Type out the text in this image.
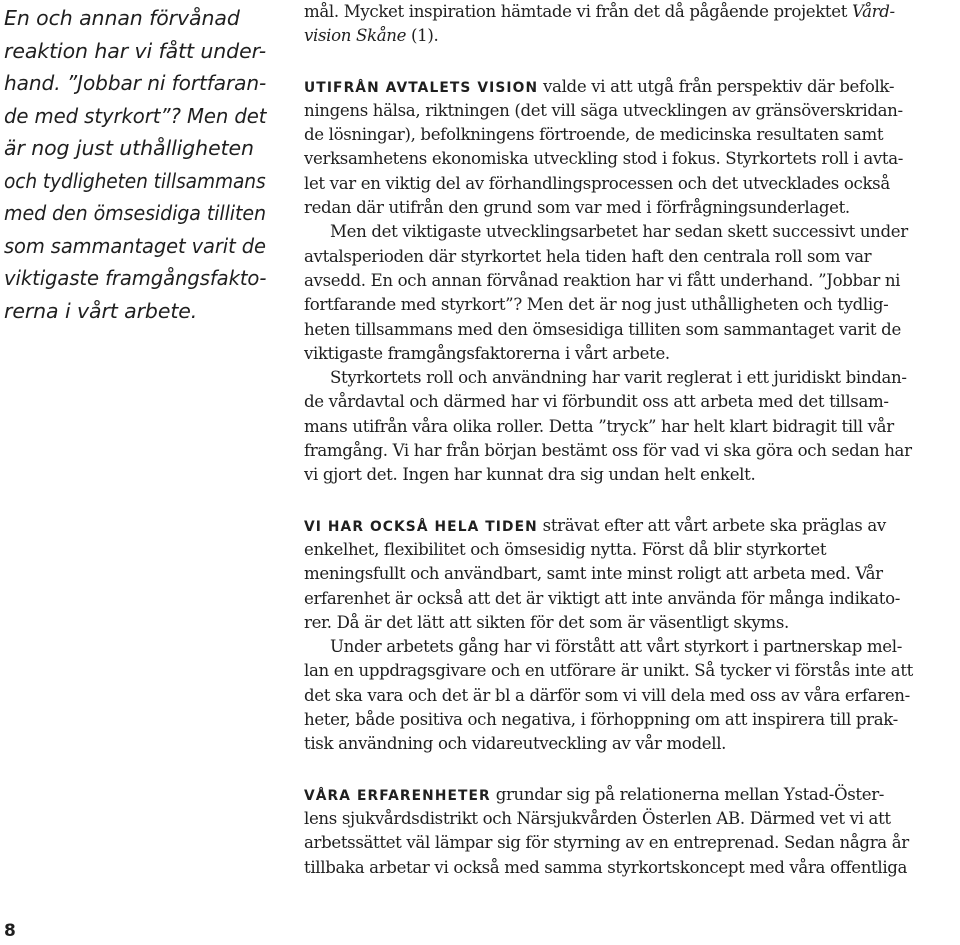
En och annan förvånad
reaktion har vi fått under-
hand. ”Jobbar ni fortfaran-
de med styrkort”? Men det
är nog just uthålligheten
och tydligheten tillsammans
med den ömsesidiga tilliten
som sammantaget varit de
viktigaste framgångsfakto-
rerna i vårt arbete.
mål. Mycket inspiration hämtade vi från det då pågående projektet Vård-
vision Skåne (1).
UTIFRÅN AVTALETS VISION valde vi att utgå från perspektiv där befolk-
ningens hälsa, riktningen (det vill säga utvecklingen av gränsöverskridan-
de lösningar), befolkningens förtroende, de medicinska resultaten samt
verksamhetens ekonomiska utveckling stod i fokus. Styrkortets roll i avta-
let var en viktig del av förhandlingsprocessen och det utvecklades också
redan där utifrån den grund som var med i förfrågningsunderlaget.
Men det viktigaste utvecklingsarbetet har sedan skett successivt under
avtalsperioden där styrkortet hela tiden haft den centrala roll som var
avsedd. En och annan förvånad reaktion har vi fått underhand. ”Jobbar ni
fortfarande med styrkort”? Men det är nog just uthålligheten och tydlig-
heten tillsammans med den ömsesidiga tilliten som sammantaget varit de
viktigaste framgångsfaktorerna i vårt arbete.
Styrkortets roll och användning har varit reglerat i ett juridiskt bindan-
de vårdavtal och därmed har vi förbundit oss att arbeta med det tillsam-
mans utifrån våra olika roller. Detta ”tryck” har helt klart bidragit till vår
framgång. Vi har från början bestämt oss för vad vi ska göra och sedan har
vi gjort det. Ingen har kunnat dra sig undan helt enkelt.
VI HAR OCKSÅ HELA TIDEN strävat efter att vårt arbete ska präglas av
enkelhet, flexibilitet och ömsesidig nytta. Först då blir styrkortet
meningsfullt och användbart, samt inte minst roligt att arbeta med. Vår
erfarenhet är också att det är viktigt att inte använda för många indikato-
rer. Då är det lätt att sikten för det som är väsentligt skyms.
Under arbetets gång har vi förstått att vårt styrkort i partnerskap mel-
lan en uppdragsgivare och en utförare är unikt. Så tycker vi förstås inte att
det ska vara och det är bl a därför som vi vill dela med oss av våra erfaren-
heter, både positiva och negativa, i förhoppning om att inspirera till prak-
tisk användning och vidareutveckling av vår modell.
VÅRA ERFARENHETER grundar sig på relationerna mellan Ystad-Öster-
lens sjukvårdsdistrikt och Närsjukvården Österlen AB. Därmed vet vi att
arbetssättet väl lämpar sig för styrning av en entreprenad. Sedan några år
tillbaka arbetar vi också med samma styrkortskoncept med våra offentliga
8
